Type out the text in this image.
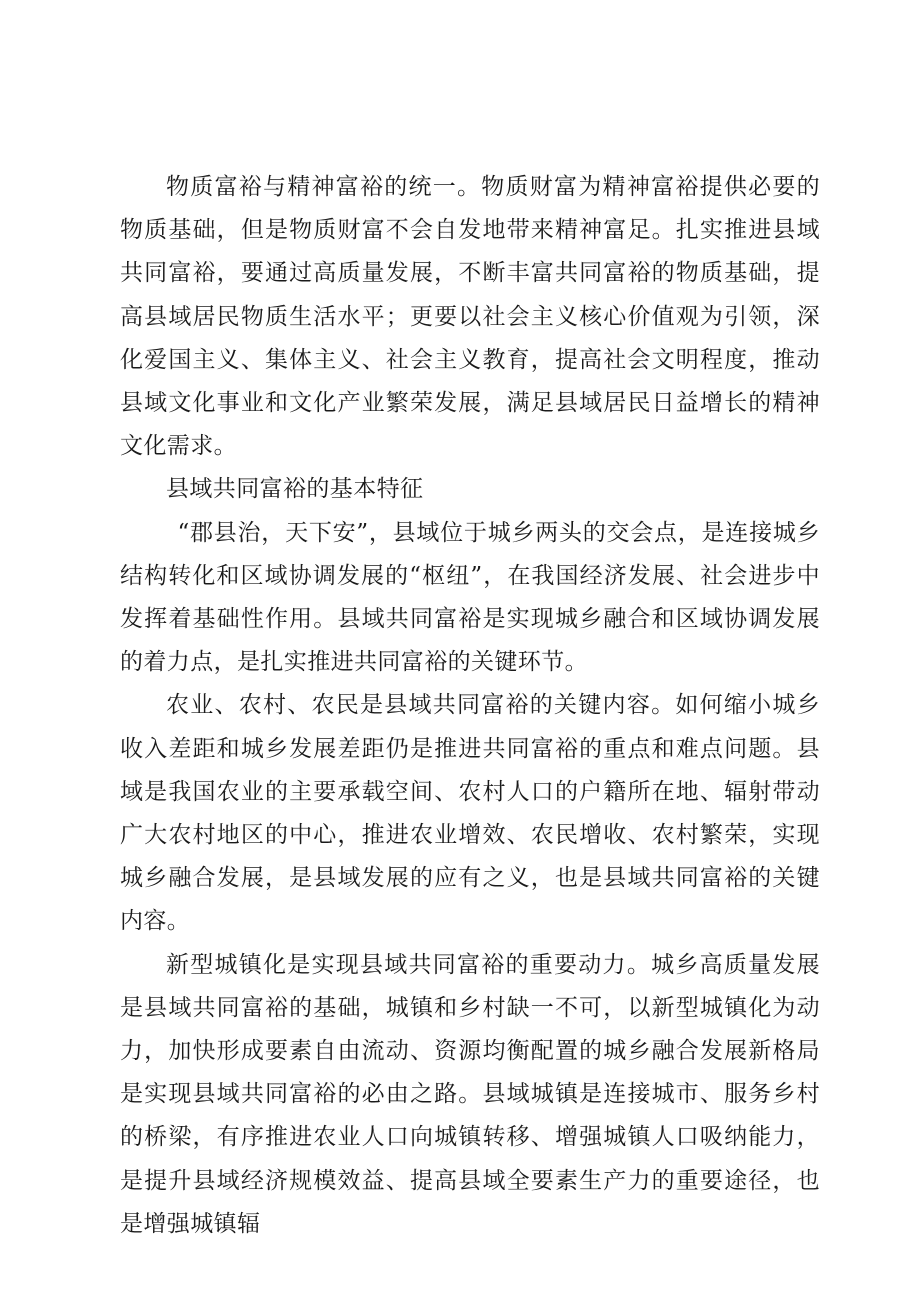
物质富裕与精神富裕的统一。物质财富为精神富裕提供必要的物质基础，但是物质财富不会自发地带来精神富足。扎实推进县域共同富裕，要通过高质量发展，不断丰富共同富裕的物质基础，提高县域居民物质生活水平；更要以社会主义核心价值观为引领，深化爱国主义、集体主义、社会主义教育，提高社会文明程度，推动县域文化事业和文化产业繁荣发展，满足县域居民日益增长的精神文化需求。

县域共同富裕的基本特征

“郡县治，天下安”，县域位于城乡两头的交会点，是连接城乡结构转化和区域协调发展的“枢纽”，在我国经济发展、社会进步中发挥着基础性作用。县域共同富裕是实现城乡融合和区域协调发展的着力点，是扎实推进共同富裕的关键环节。

农业、农村、农民是县域共同富裕的关键内容。如何缩小城乡收入差距和城乡发展差距仍是推进共同富裕的重点和难点问题。县域是我国农业的主要承载空间、农村人口的户籍所在地、辐射带动广大农村地区的中心，推进农业增效、农民增收、农村繁荣，实现城乡融合发展，是县域发展的应有之义，也是县域共同富裕的关键内容。

新型城镇化是实现县域共同富裕的重要动力。城乡高质量发展是县域共同富裕的基础，城镇和乡村缺一不可，以新型城镇化为动力，加快形成要素自由流动、资源均衡配置的城乡融合发展新格局是实现县域共同富裕的必由之路。县域城镇是连接城市、服务乡村的桥梁，有序推进农业人口向城镇转移、增强城镇人口吸纳能力，是提升县域经济规模效益、提高县域全要素生产力的重要途径，也是增强城镇辐
